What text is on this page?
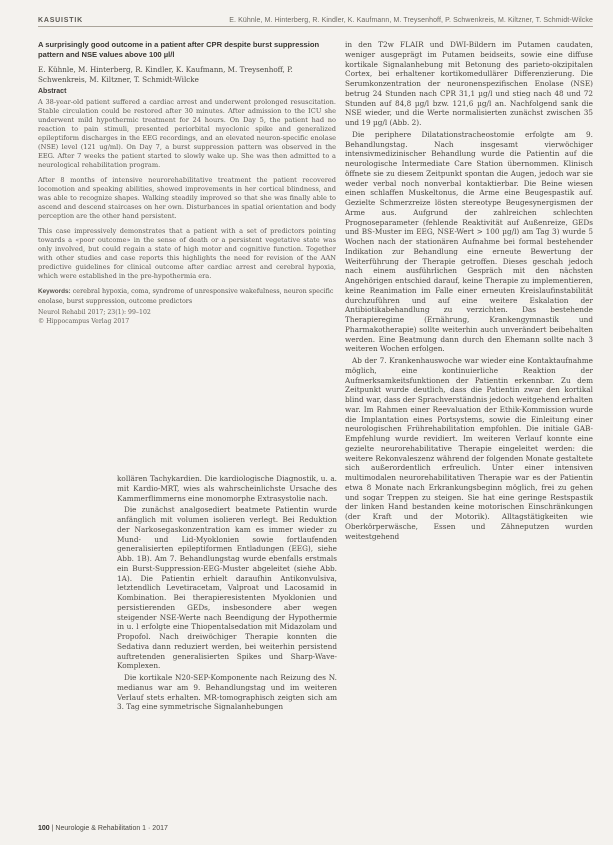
KASUISTIK	E. Kühnle, M. Hinterberg, R. Kindler, K. Kaufmann, M. Treysenhoff, P. Schwenkreis, M. Kiltzner, T. Schmidt-Wilcke
A surprisingly good outcome in a patient after CPR despite burst suppression pattern and NSE values above 100 µl/l
E. Kühnle, M. Hinterberg, R. Kindler, K. Kaufmann, M. Treysenhoff, P. Schwenkreis, M. Kiltzner, T. Schmidt-Wilcke
Abstract

A 38-year-old patient suffered a cardiac arrest and underwent prolonged resuscitation. Stable circulation could be restored after 30 minutes. After admission to the ICU she underwent mild hypothermic treatment for 24 hours. On Day 5, the patient had no reaction to pain stimuli, presented periorbital myoclonic spike and generalized epileptiform discharges in the EEG recordings, and an elevated neuron-specific enolase (NSE) level (121 ug/ml). On Day 7, a burst suppression pattern was observed in the EEG. After 7 weeks the patient started to slowly wake up. She was then admitted to a neurological rehabilitation program.

After 8 months of intensive neurorehabilitative treatment the patient recovered locomotion and speaking abilities, showed improvements in her cortical blindness, and was able to recognize shapes. Walking steadily improved so that she was finally able to ascend and descend staircases on her own. Disturbances in spatial orientation and body perception are the other hand persistent.

This case impressively demonstrates that a patient with a set of predictors pointing towards a «poor outcome» in the sense of death or a persistent vegetative state was only involved, but could regain a state of high motor and cognitive function. Together with other studies and case reports this highlights the need for revision of the AAN predictive guidelines for clinical outcome after cardiac arrest and cerebral hypoxia, which were established in the pre-hypothermia era.

Keywords: cerebral hypoxia, coma, syndrome of unresponsive wakefulness, neuron specific enolase, burst suppression, outcome predictors
Neurol Rehabil 2017; 23(1): 99–102
© Hippocampus Verlag 2017

kollären Tachykardien. Die kardiologische Diagnostik, u. a. mit Kardio-MRT, wies als wahrscheinlichste Ursache des Kammerflimmerns eine monomorphe Extrasystolie nach.

Die zunächst analgosediert beatmete Patientin wurde anfänglich mit volumen isolieren verlegt. Bei Reduktion der Narkosegaskonzentration kam es immer wieder zu Mund- und Lid-Myoklonien sowie fortlaufenden generalisierten epileptiformen Entladungen (EEG), siehe Abb. 1B). Am 7. Behandlungstag wurde ebenfalls erstmals ein Burst-Suppression-EEG-Muster abgeleitet (siehe Abb. 1A). Die Patientin erhielt daraufhin Antikonvulsiva, letztendlich Levetiracetam, Valproat und Lacosamid in Kombination. Bei therapieresistenten Myoklonien und persistierenden GEDs, insbesondere aber wegen steigender NSE-Werte nach Beendigung der Hypothermie in u. l erfolgte eine Thiopentalsedation mit Midazolam und Propofol. Nach dreiwöchiger Therapie konnten die Sedativa dann reduziert werden, bei weiterhin persistend auftretenden generalisierten Spikes und Sharp-Wave-Komplexen.

Die kortikale N20-SEP-Komponente nach Reizung des N. medianus war am 9. Behandlungstag und im weiteren Verlauf stets erhalten. MR-tomographisch zeigten sich am 3. Tag eine symmetrische Signalanhebungen

in den T2w FLAIR und DWI-Bildern im Putamen caudaten, weniger ausgeprägt im Putamen beidseits, sowie eine diffuse kortikale Signalanhebung mit Betonung des parieto-okzipitalen Cortex, bei erhaltener kortikomedullärer Differenzierung. Die Serumkonzentration der neuronenspezifischen Enolase (NSE) betrug 24 Stunden nach CPR 31,1 µg/l und stieg nach 48 und 72 Stunden auf 84,8 µg/l bzw. 121,6 µg/l an. Nachfolgend sank die NSE wieder, und die Werte normalisierten zunächst zwischen 35 und 19 µg/l (Abb. 2).

Die periphere Dilatationstracheostomie erfolgte am 9. Behandlungstag. Nach insgesamt vierwöchiger intensivmedizinischer Behandlung wurde die Patientin auf die neurologische Intermediate Care Station übernommen. Klinisch öffnete sie zu diesem Zeitpunkt spontan die Augen, jedoch war sie weder verbal noch nonverbal kontaktierbar. Die Beine wiesen einen schlaffen Muskeltonus, die Arme eine Beugespastik auf. Gezielte Schmerzreize lösten stereotype Beugesynergismen der Arme aus. Aufgrund der zahlreichen schlechten Prognoseparameter (fehlende Reaktivität auf Außenreize, GEDs und BS-Muster im EEG, NSE-Wert > 100 µg/l) am Tag 3) wurde 5 Wochen nach der stationären Aufnahme bei formal bestehender Indikation zur Behandlung eine erneute Bewertung der Weiterführung der Therapie getroffen. Dieses geschah jedoch nach einem ausführlichen Gespräch mit den nächsten Angehörigen entschied darauf, keine Therapie zu implementieren, keine Reanimation im Falle einer erneuten Kreislaufinstabilität durchzuführen und auf eine weitere Eskalation der Antibiotikabehandlung zu verzichten. Das bestehende Therapieregime (Ernährung, Krankengymnastik und Pharmakotherapie) sollte weiterhin auch unverändert beibehalten werden. Eine Beatmung dann durch den Ehemann sollte nach 3 weiteren Wochen erfolgen.

Ab der 7. Krankenhauswoche war wieder eine Kontaktaufnahme möglich, eine kontinuierliche Reaktion der Aufmerksamkeitsfunktionen der Patientin erkennbar. Zu dem Zeitpunkt wurde deutlich, dass die Patientin zwar den kortikal blind war, dass der Sprachverständnis jedoch weitgehend erhalten war. Im Rahmen einer Reevaluation der Ethik-Kommission wurde die Implantation eines Portsystems, sowie die Einleitung einer neurologischen Frührehabilitation empfohlen. Die initiale GAB-Empfehlung wurde revidiert. Im weiteren Verlauf konnte eine gezielte neurorehabilitative Therapie eingeleitet werden: die weitere Rekonvaleszenz während der folgenden Monate gestaltete sich außerordentlich erfreulich. Unter einer intensiven multimodalen neurorehabilitativen Therapie war es der Patientin etwa 8 Monate nach Erkrankungsbeginn möglich, frei zu gehen und sogar Treppen zu steigen. Sie hat eine geringe Restspastik der linken Hand bestanden keine motorischen Einschränkungen (der Kraft und der Motorik). Alltagstätigkeiten wie Oberkörperwäsche, Essen und Zähneputzen wurden weitestgehend

100 | Neurologie & Rehabilitation 1 · 2017
